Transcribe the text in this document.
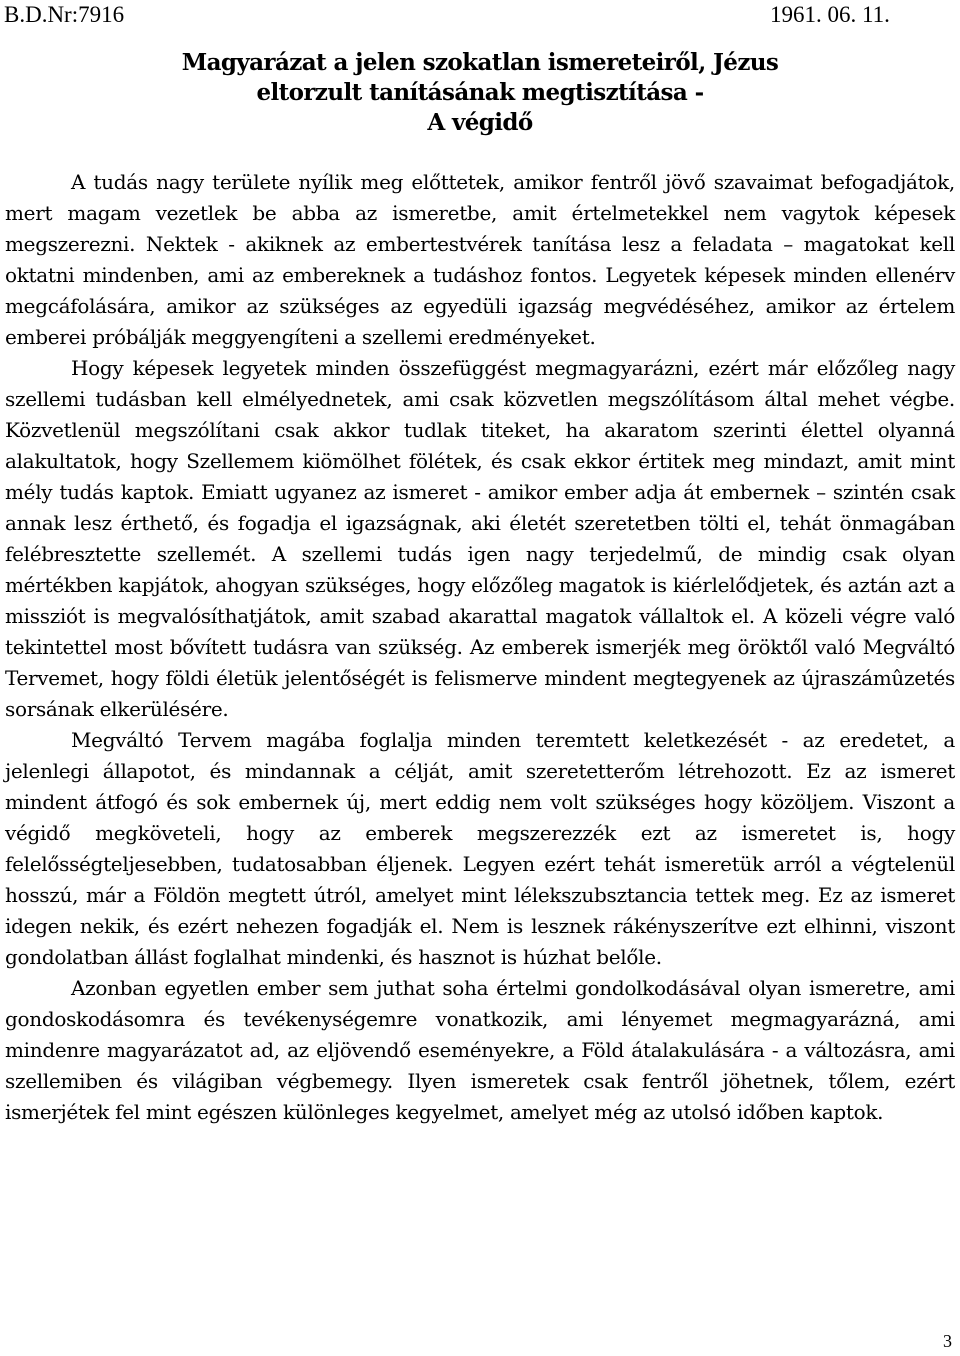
B.D.Nr:7916	1961. 06. 11.
Magyarázat a jelen szokatlan ismereteiről, Jézus
eltorzult tanításának megtisztítása -
A végidő

A tudás nagy területe nyílik meg előttetek, amikor fentről jövő szavaimat befogadjátok, mert magam vezetlek be abba az ismeretbe, amit értelmetekkel nem vagytok képesek megszerezni. Nektek - akiknek az embertestvérek tanítása lesz a feladata – magatokat kell oktatni mindenben, ami az embereknek a tudáshoz fontos. Legyetek képesek minden ellenérv megcáfolására, amikor az szükséges az egyedüli igazság megvédéséhez, amikor az értelem emberei próbálják meggyengíteni a szellemi eredményeket.

Hogy képesek legyetek minden összefüggést megmagyarázni, ezért már előzőleg nagy szellemi tudásban kell elmélyednetek, ami csak közvetlen megszólításom által mehet végbe. Közvetlenül megszólítani csak akkor tudlak titeket, ha akaratom szerinti élettel olyanná alakultatok, hogy Szellemem kiömölhet fölétek, és csak ekkor értitek meg mindazt, amit mint mély tudás kaptok. Emiatt ugyanez az ismeret - amikor ember adja át embernek – szintén csak annak lesz érthető, és fogadja el igazságnak, aki életét szeretetben tölti el, tehát önmagában felébresztette szellemét. A szellemi tudás igen nagy terjedelmű, de mindig csak olyan mértékben kapjátok, ahogyan szükséges, hogy előzőleg magatok is kiérlelődjetek, és aztán azt a missziót is megvalósíthatjátok, amit szabad akarattal magatok vállaltok el. A közeli végre való tekintettel most bővített tudásra van szükség. Az emberek ismerjék meg öröktől való Megváltó Tervemet, hogy földi életük jelentőségét is felismerve mindent megtegyenek az újraszámûzetés sorsának elkerülésére.

Megváltó Tervem magába foglalja minden teremtett keletkezését - az eredetet, a jelenlegi állapotot, és mindannak a célját, amit szeretetterőm létrehozott. Ez az ismeret mindent átfogó és sok embernek új, mert eddig nem volt szükséges hogy közöljem. Viszont a végidő megköveteli, hogy az emberek megszerezzék ezt az ismeretet is, hogy felelősségteljesebben, tudatosabban éljenek. Legyen ezért tehát ismeretük arról a végtelenül hosszú, már a Földön megtett útról, amelyet mint lélekszubsztancia tettek meg. Ez az ismeret idegen nekik, és ezért nehezen fogadják el. Nem is lesznek rákényszerítve ezt elhinni, viszont gondolatban állást foglalhat mindenki, és hasznot is húzhat belőle.

Azonban egyetlen ember sem juthat soha értelmi gondolkodásával olyan ismeretre, ami gondoskodásomra és tevékenységemre vonatkozik, ami lényemet megmagyarázná, ami mindenre magyarázatot ad, az eljövendő eseményekre, a Föld átalakulására - a változásra, ami szellemiben és világiban végbemegy. Ilyen ismeretek csak fentről jöhetnek, tőlem, ezért ismerjétek fel mint egészen különleges kegyelmet, amelyet még az utolsó időben kaptok.

3
